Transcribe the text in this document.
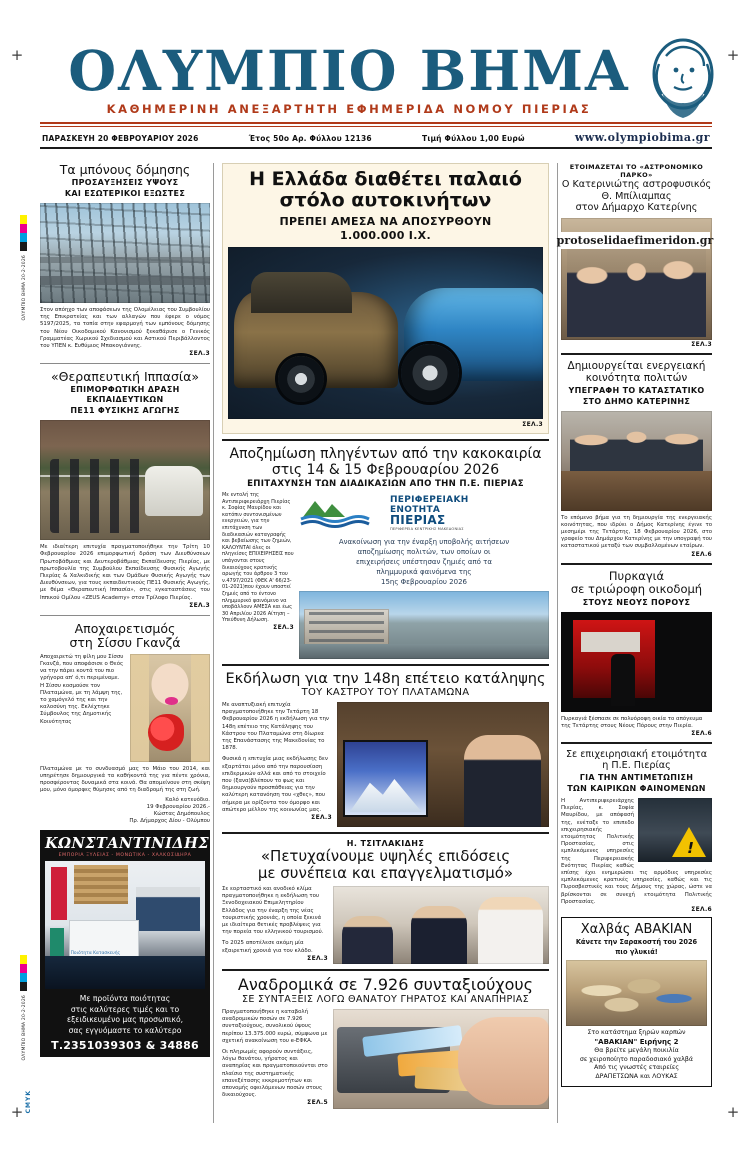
+	+
+	+
ΟΛΥΜΠΙΟ ΒΗΜΑ 20-2-2026
ΟΛΥΜΠΙΟ ΒΗΜΑ 20-2-2026
CMYK
ΟΛΥΜΠΙΟ ΒΗΜΑ
ΚΑΘΗΜΕΡΙΝΗ ΑΝΕΞΑΡΤΗΤΗ ΕΦΗΜΕΡΙΔΑ ΝΟΜΟΥ ΠΙΕΡΙΑΣ
ΠΑΡΑΣΚΕΥΗ 20 ΦΕΒΡΟΥΑΡΙΟΥ 2026	Έτος 50ο Αρ. Φύλλου 12136	Τιμή Φύλλου 1,00 Ευρώ	www.olympiobima.gr
protoselidaefimeridon.gr
Τα μπόνους δόμησης
ΠΡΟΣΑΥΞΗΣΕΙΣ ΥΨΟΥΣ
ΚΑΙ ΕΣΩΤΕΡΙΚΟΙ ΕΞΩΣΤΕΣ
Στον απόηχο των αποφάσεων της Ολομέλειας του Συμβουλίου της Επικρατείας και των αλλαγών που έφερε ο νόμος 5197/2025, τα τοπία στην εφαρμογή των εμπόνους δόμησης του Νέου Οικοδομικού Κανονισμού ξεκαθάρισε ο Γενικός Γραμματέας Χωρικού Σχεδιασμού και Αστικού Περιβάλλοντος του ΥΠΕΝ κ. Ευθύμιος Μπακογιάννης.
ΣΕΛ.3
«Θεραπευτική Ιππασία»
ΕΠΙΜΟΡΦΩΤΙΚΗ ΔΡΑΣΗ ΕΚΠΑΙΔΕΥΤΙΚΩΝ
ΠΕ11 ΦΥΣΙΚΗΣ ΑΓΩΓΗΣ
Με ιδιαίτερη επιτυχία πραγματοποιήθηκε την Τρίτη 10 Φεβρουαρίου 2026 επιμορφωτική δράση των Διευθύνσεων Πρωτοβάθμιας και Δευτεροβάθμιας Εκπαίδευσης Πιερίας, με πρωτοβουλία της Συμβούλου Εκπαίδευσης Φυσικής Αγωγής Πιερίας & Χαλκιδικής και των Ομάδων Φυσικής Αγωγής των Διευθύνσεων, για τους εκπαιδευτικούς ΠΕ11 Φυσικής Αγωγής, με θέμα «Θεραπευτική Ιππασία», στις εγκαταστάσεις του Ιππικού Ομίλου «ZEUS Academy» στον Τρίλοφο Πιερίας.
ΣΕΛ.3
Αποχαιρετισμός
στη Σίσσυ Γκανζά
Αποχαιρετώ τη φίλη μου Σίσσυ Γκανζά, που αποφάσισε ο Θεός να την πάρει κοντά του πιο γρήγορα απ' ό,τι περιμέναμε. Η Σίσσυ κοσμούσε τον Πλαταμώνα, με τη λάμψη της, το χαμόγελό της και την καλοσύνη της. Εκλέχτηκε Σύμβουλος της Δημοτικής Κοινότητας
Πλαταμώνα με το συνδυασμό μας το Μάιο του 2014, και υπηρέτησε δημιουργικά τα καθήκοντά της για πέντε χρόνια, προσφέροντας δυναμικά στα κοινά. Θα απομείνουν στη σκέψη μου, μόνο όμορφες θύμησες από τη διαδρομή της στη ζωή.
Καλό κατευόδιο.
19 Φεβρουαρίου 2026.-
Κώστας Δημόπουλος
Πρ. Δήμαρχος Δίου - Ολύμπου
ΚΩΝΣΤΑΝΤΙΝΙΔΗΣ
ΕΜΠΟΡΙΑ ΞΥΛΕΙΑΣ - ΜΟΝΩΤΙΚΑ - ΧΑΛΚΟΣΙΔΗΡΑ
Ποιότητα Κατασκευής
Με προϊόντα ποιότητας
στις καλύτερες τιμές και το
εξειδικευμένο μας προσωπικό,
σας εγγυόμαστε το καλύτερο
Τ.2351039303 & 34886
Η Ελλάδα διαθέτει παλαιό
στόλο αυτοκινήτων
ΠΡΕΠΕΙ ΑΜΕΣΑ ΝΑ ΑΠΟΣΥΡΘΟΥΝ
1.000.000 Ι.Χ.
ΣΕΛ.3
Αποζημίωση πληγέντων από την κακοκαιρία
στις 14 & 15 Φεβρουαρίου 2026
ΕΠΙΤΑΧΥΝΣΗ ΤΩΝ ΔΙΑΔΙΚΑΣΙΩΝ ΑΠΟ ΤΗΝ Π.Ε. ΠΙΕΡΙΑΣ
Με εντολή της Αντιπεριφερειάρχη Πιερίας κ. Σοφίας Μαυρίδου και κατόπιν συντονισμένων ενεργειών, για την επιτάχυνση των διαδικασιών καταγραφής και βεβαίωσης των ζημιών, ΚΑΛΟΥΝΤΑΙ όλες οι πληγείσες ΕΠΙΧΕΙΡΗΣΕΙΣ που υπάγονται στους δικαιούχους κρατικής αρωγής του άρθρου 3 του ν.4797/2021 (ΦΕΚ Α' 66/23-01-2021)που έχουν υποστεί ζημιές από το έντονο πλημμυρικό φαινόμενο να υποβάλλουν ΑΜΕΣΑ και έως 30 Απριλίου 2026 Αίτηση – Υπεύθυνη Δήλωση.
ΣΕΛ.3
ΠΕΡΙΦΕΡΕΙΑΚΗ
ΕΝΟΤΗΤΑ
ΠΙΕΡΙΑΣ
ΠΕΡΙΦΕΡΕΙΑ ΚΕΝΤΡΙΚΗΣ ΜΑΚΕΔΟΝΙΑΣ
Ανακοίνωση για την έναρξη υποβολής αιτήσεων
αποζημίωσης πολιτών, των οποίων οι
επιχειρήσεις υπέστησαν ζημιές από τα
πλημμυρικά φαινόμενα της
15ης Φεβρουαρίου 2026
Εκδήλωση για την 148η επέτειο κατάληψης
ΤΟΥ ΚΑΣΤΡΟΥ ΤΟΥ ΠΛΑΤΑΜΩΝΑ
Με αναπτυξιακή επιτυχία πραγματοποιήθηκε την Τετάρτη 18 Φεβρουαρίου 2026 η εκδήλωση για την 148η επέτειο της Κατάληψης του Κάστρου του Πλαταμώνα στη δίωρεα της Επανάστασης της Μακεδονίας το 1878.
Φυσικά η επιτυχία μιας εκδήλωσης δεν εξαρτάται μόνο από την παρουσίαση επιδερμικών αλλά και από το στοιχείο που (ξανα)βλέπουν το φως και δημιουργούν προσπάθειας για την καλύτερη κατανόηση του «χθες», που σήμερα με ορίζοντα τον όμορφο και απώτερο μέλλον της κοινωνίας μας.
ΣΕΛ.3
Η. ΤΣΙΤΛΑΚΙΔΗΣ
«Πετυχαίνουμε υψηλές επιδόσεις
με συνέπεια και επαγγελματισμό»
Σε εορταστικό και ανοδικό κλίμα πραγματοποιήθηκε η εκδήλωση του Ξενοδοχειακού Επιμελητηρίου Ελλάδος για την έναρξη της νέας τουριστικής χρονιάς, η οποία ξεκινά με ιδιαίτερα θετικές προβλέψεις για την πορεία του ελληνικού τουρισμού.
Το 2025 αποτέλεσε ακόμη μία εξαιρετική χρονιά για τον κλάδο.
ΣΕΛ.3
Αναδρομικά σε 7.926 συνταξιούχους
ΣΕ ΣΥΝΤΑΞΕΙΣ ΛΟΓΩ ΘΑΝΑΤΟΥ ΓΗΡΑΤΟΣ ΚΑΙ ΑΝΑΠΗΡΙΑΣ
Πραγματοποιήθηκε η καταβολή αναδρομικών ποσών σε 7.926 συνταξιούχους, συνολικού ύψους περίπου 13.375.000 ευρώ, σύμφωνα με σχετική ανακοίνωση του e-ΕΦΚΑ.
Οι πληρωμές αφορούν συντάξεις, λόγω θανάτου, γήρατος και αναπηρίας και πραγματοποιούνται στο πλαίσιο της συστηματικής επανεξέτασης εκκρεμοτήτων και απονομής οφειλόμενων ποσών στους δικαιούχους.
ΣΕΛ.5
ΕΤΟΙΜΑΖΕΤΑΙ ΤΟ «ΑΣΤΡΟΝΟΜΙΚΟ ΠΑΡΚΟ»
Ο Κατερινιώτης αστροφυσικός
Θ. Μπίλιαμπας
στον Δήμαρχο Κατερίνης
ΣΕΛ.3
Δημιουργείται ενεργειακή
κοινότητα πολιτών
ΥΠΕΓΡΑΦΗ ΤΟ ΚΑΤΑΣΤΑΤΙΚΟ
ΣΤΟ ΔΗΜΟ ΚΑΤΕΡΙΝΗΣ
Το επόμενο βήμα για τη δημιουργία της ενεργειακής κοινότητας, που ιδρύει ο Δήμος Κατερίνης έγινε το μεσημέρι της Τετάρτης, 18 Φεβρουαρίου 2026, στο γραφείο του Δημάρχου Κατερίνης με την υπογραφή του καταστατικού μεταξύ των συμβαλλομένων εταίρων.
ΣΕΛ.6
Πυρκαγιά
σε τριώροφη οικοδομή
ΣΤΟΥΣ ΝΕΟΥΣ ΠΟΡΟΥΣ
Πυρκαγιά ξέσπασε σε πολυόροφη οικία το απόγευμα της Τετάρτης στους Νέους Πόρους στην Πιερία.
ΣΕΛ.6
Σε επιχειρησιακή ετοιμότητα
η Π.Ε. Πιερίας
ΓΙΑ ΤΗΝ ΑΝΤΙΜΕΤΩΠΙΣΗ
ΤΩΝ ΚΑΙΡΙΚΩΝ ΦΑΙΝΟΜΕΝΩΝ
!
Η Αντιπεριφερειάρχης Πιερίας, κ. Σοφία Μαυρίδου, με απόφασή της, ενέταξε το επιπεδο επιχειρησιακής ετοιμότητας Πολιτικής Προστασίας, στις εμπλεκόμενες υπηρεσίες της Περιφερειακής Ενότητας Πιερίας καθώς επίσης έχει ενημερώσει τις αρμόδιες υπηρεσίες εμπλεκόμενες κρατικές υπηρεσίες, καθώς και τις Πυροσβεστικές και τους Δήμους της χώρας, ώστε να βρίσκονται σε συνεχή ετοιμότητα Πολιτικής Προστασίας.
ΣΕΛ.6
Χαλβάς ΑΒΑΚΙΑΝ
Κάνετε την Σαρακοστή του 2026
πιο γλυκιά!
Στο κατάστημα ξηρών καρπών
"ΑΒΑΚΙΑΝ" Ειρήνης 2
Θα βρείτε μεγάλη ποικιλία
σε χειροποίητο παραδοσιακό χαλβά
Από τις γνωστές εταιρείες
ΔΡΑΠΕΤΣΩΝΑ και ΛΟΥΚΑΣ
